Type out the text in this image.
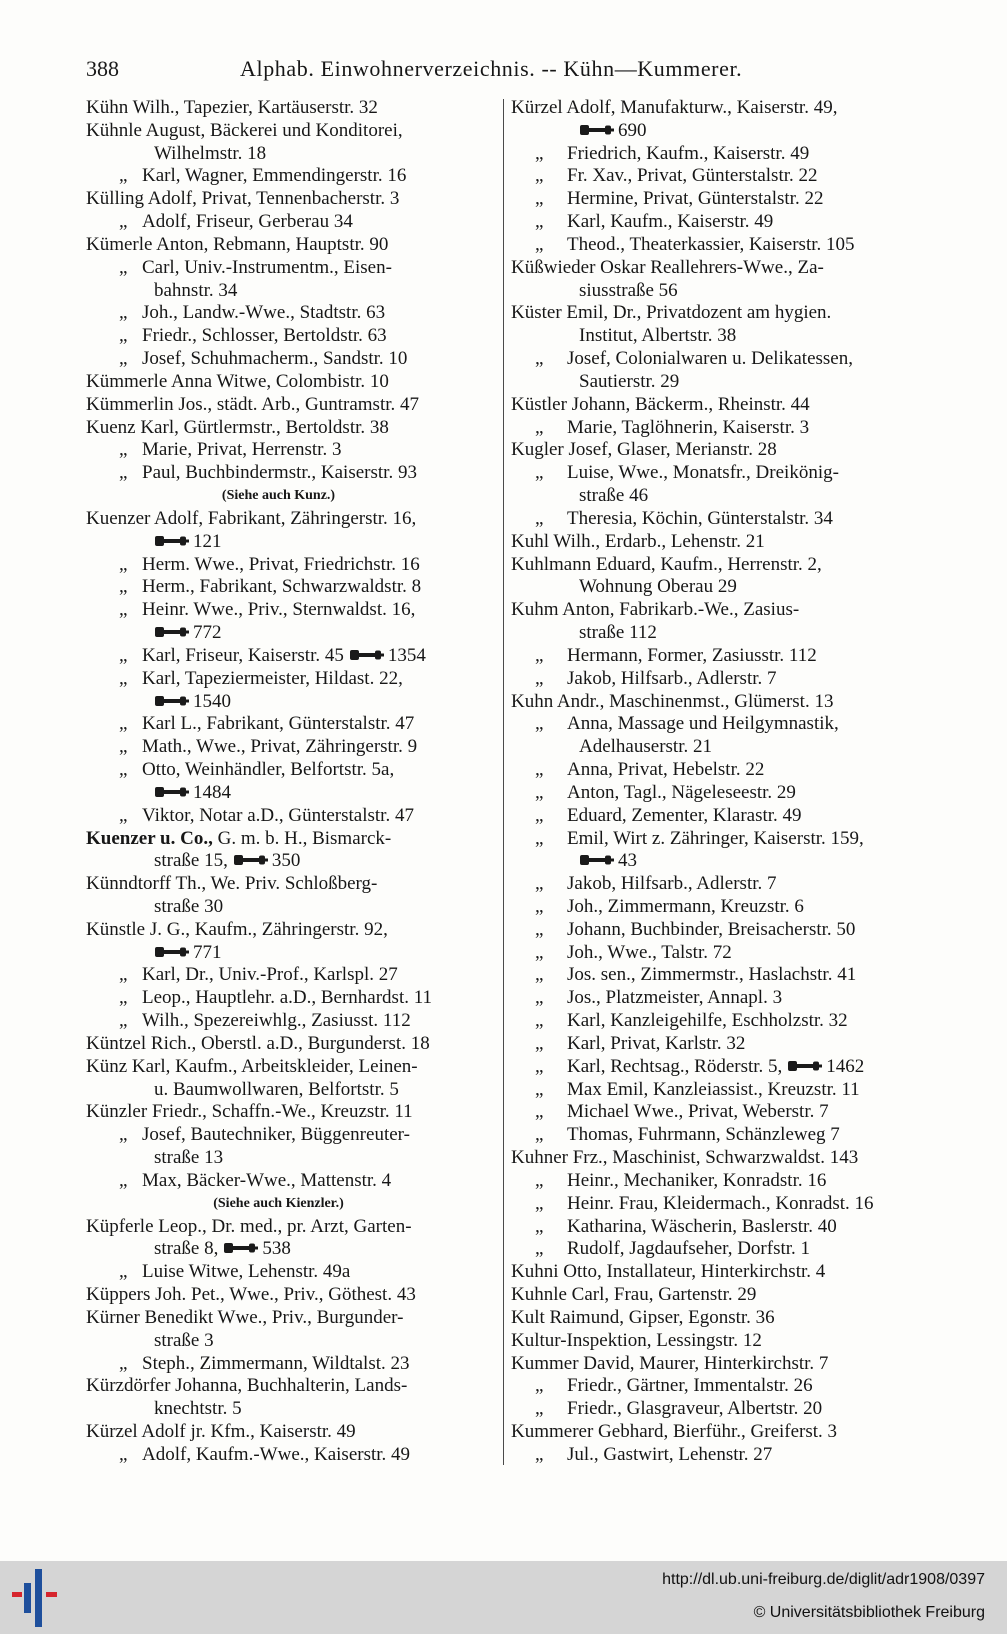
388	Alphab. Einwohnerverzeichnis. -- Kühn—Kummerer.
Kühn Wilh., Tapezier, Kartäuserstr. 32
Kühnle August, Bäckerei und Konditorei,
Wilhelmstr. 18
„ Karl, Wagner, Emmendingerstr. 16
Külling Adolf, Privat, Tennenbacherstr. 3
„ Adolf, Friseur, Gerberau 34
Kümerle Anton, Rebmann, Hauptstr. 90
„ Carl, Univ.-Instrumentm., Eisen-
bahnstr. 34
„ Joh., Landw.-Wwe., Stadtstr. 63
„ Friedr., Schlosser, Bertoldstr. 63
„ Josef, Schuhmacherm., Sandstr. 10
Kümmerle Anna Witwe, Colombistr. 10
Kümmerlin Jos., städt. Arb., Guntramstr. 47
Kuenz Karl, Gürtlermstr., Bertoldstr. 38
„ Marie, Privat, Herrenstr. 3
„ Paul, Buchbindermstr., Kaiserstr. 93
(Siehe auch Kunz.)
Kuenzer Adolf, Fabrikant, Zähringerstr. 16,
121
„ Herm. Wwe., Privat, Friedrichstr. 16
„ Herm., Fabrikant, Schwarzwaldstr. 8
„ Heinr. Wwe., Priv., Sternwaldst. 16,
772
„ Karl, Friseur, Kaiserstr. 45 1354
„ Karl, Tapeziermeister, Hildast. 22,
1540
„ Karl L., Fabrikant, Günterstalstr. 47
„ Math., Wwe., Privat, Zähringerstr. 9
„ Otto, Weinhändler, Belfortstr. 5a,
1484
„ Viktor, Notar a.D., Günterstalstr. 47
Kuenzer u. Co., G. m. b. H., Bismarck-
straße 15, 350
Künndtorff Th., We. Priv. Schloßberg-
straße 30
Künstle J. G., Kaufm., Zähringerstr. 92,
771
„ Karl, Dr., Univ.-Prof., Karlspl. 27
„ Leop., Hauptlehr. a.D., Bernhardst. 11
„ Wilh., Spezereiwhlg., Zasiusst. 112
Küntzel Rich., Oberstl. a.D., Burgunderst. 18
Künz Karl, Kaufm., Arbeitskleider, Leinen-
u. Baumwollwaren, Belfortstr. 5
Künzler Friedr., Schaffn.-We., Kreuzstr. 11
„ Josef, Bautechniker, Büggenreuter-
straße 13
„ Max, Bäcker-Wwe., Mattenstr. 4
(Siehe auch Kienzler.)
Küpferle Leop., Dr. med., pr. Arzt, Garten-
straße 8, 538
„ Luise Witwe, Lehenstr. 49a
Küppers Joh. Pet., Wwe., Priv., Göthest. 43
Kürner Benedikt Wwe., Priv., Burgunder-
straße 3
„ Steph., Zimmermann, Wildtalst. 23
Kürzdörfer Johanna, Buchhalterin, Lands-
knechtstr. 5
Kürzel Adolf jr. Kfm., Kaiserstr. 49
„ Adolf, Kaufm.-Wwe., Kaiserstr. 49
Kürzel Adolf, Manufakturw., Kaiserstr. 49,
690
„ Friedrich, Kaufm., Kaiserstr. 49
„ Fr. Xav., Privat, Günterstalstr. 22
„ Hermine, Privat, Günterstalstr. 22
„ Karl, Kaufm., Kaiserstr. 49
„ Theod., Theaterkassier, Kaiserstr. 105
Küßwieder Oskar Reallehrers-Wwe., Za-
siusstraße 56
Küster Emil, Dr., Privatdozent am hygien.
Institut, Albertstr. 38
„ Josef, Colonialwaren u. Delikatessen,
Sautierstr. 29
Küstler Johann, Bäckerm., Rheinstr. 44
„ Marie, Taglöhnerin, Kaiserstr. 3
Kugler Josef, Glaser, Merianstr. 28
„ Luise, Wwe., Monatsfr., Dreikönig-
straße 46
„ Theresia, Köchin, Günterstalstr. 34
Kuhl Wilh., Erdarb., Lehenstr. 21
Kuhlmann Eduard, Kaufm., Herrenstr. 2,
Wohnung Oberau 29
Kuhm Anton, Fabrikarb.-We., Zasius-
straße 112
„ Hermann, Former, Zasiusstr. 112
„ Jakob, Hilfsarb., Adlerstr. 7
Kuhn Andr., Maschinenmst., Glümerst. 13
„ Anna, Massage und Heilgymnastik,
Adelhauserstr. 21
„ Anna, Privat, Hebelstr. 22
„ Anton, Tagl., Nägeleseestr. 29
„ Eduard, Zementer, Klarastr. 49
„ Emil, Wirt z. Zähringer, Kaiserstr. 159,
43
„ Jakob, Hilfsarb., Adlerstr. 7
„ Joh., Zimmermann, Kreuzstr. 6
„ Johann, Buchbinder, Breisacherstr. 50
„ Joh., Wwe., Talstr. 72
„ Jos. sen., Zimmermstr., Haslachstr. 41
„ Jos., Platzmeister, Annapl. 3
„ Karl, Kanzleigehilfe, Eschholzstr. 32
„ Karl, Privat, Karlstr. 32
„ Karl, Rechtsag., Röderstr. 5, 1462
„ Max Emil, Kanzleiassist., Kreuzstr. 11
„ Michael Wwe., Privat, Weberstr. 7
„ Thomas, Fuhrmann, Schänzleweg 7
Kuhner Frz., Maschinist, Schwarzwaldst. 143
„ Heinr., Mechaniker, Konradstr. 16
„ Heinr. Frau, Kleidermach., Konradst. 16
„ Katharina, Wäscherin, Baslerstr. 40
„ Rudolf, Jagdaufseher, Dorfstr. 1
Kuhni Otto, Installateur, Hinterkirchstr. 4
Kuhnle Carl, Frau, Gartenstr. 29
Kult Raimund, Gipser, Egonstr. 36
Kultur-Inspektion, Lessingstr. 12
Kummer David, Maurer, Hinterkirchstr. 7
„ Friedr., Gärtner, Immentalstr. 26
„ Friedr., Glasgraveur, Albertstr. 20
Kummerer Gebhard, Bierführ., Greiferst. 3
„ Jul., Gastwirt, Lehenstr. 27
http://dl.ub.uni-freiburg.de/diglit/adr1908/0397
© Universitätsbibliothek Freiburg
